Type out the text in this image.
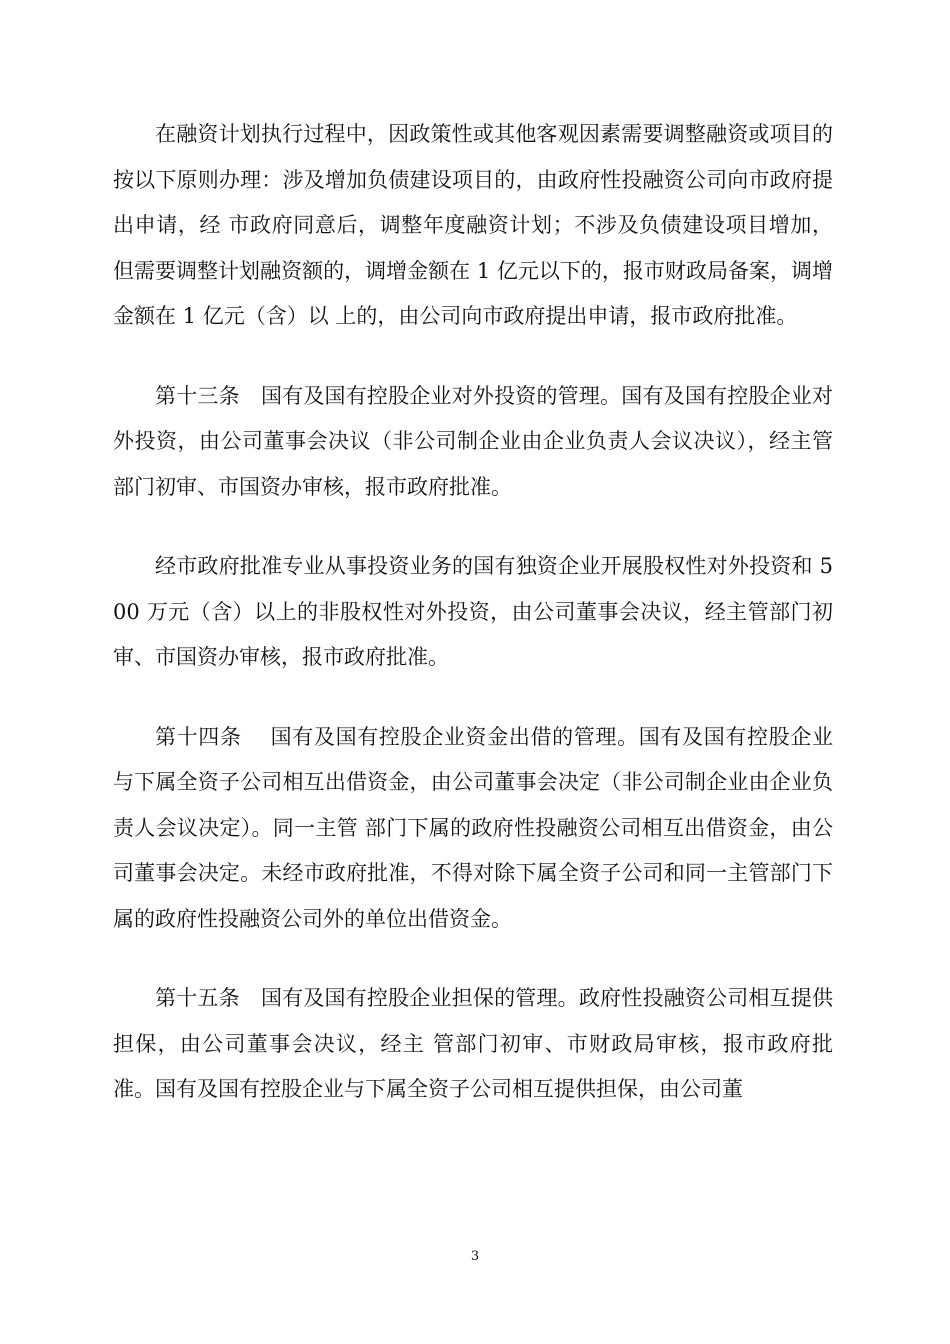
在融资计划执行过程中，因政策性或其他客观因素需要调整融资或项目的按以下原则办理：涉及增加负债建设项目的，由政府性投融资公司向市政府提出申请，经 市政府同意后，调整年度融资计划；不涉及负债建设项目增加，但需要调整计划融资额的，调增金额在 1 亿元以下的，报市财政局备案，调增金额在 1 亿元（含）以 上的，由公司向市政府提出申请，报市政府批准。

第十三条　国有及国有控股企业对外投资的管理。国有及国有控股企业对外投资，由公司董事会决议（非公司制企业由企业负责人会议决议），经主管部门初审、市国资办审核，报市政府批准。

经市政府批准专业从事投资业务的国有独资企业开展股权性对外投资和 500 万元（含）以上的非股权性对外投资，由公司董事会决议，经主管部门初审、市国资办审核，报市政府批准。

第十四条　 国有及国有控股企业资金出借的管理。国有及国有控股企业与下属全资子公司相互出借资金，由公司董事会决定（非公司制企业由企业负责人会议决定）。同一主管 部门下属的政府性投融资公司相互出借资金，由公司董事会决定。未经市政府批准，不得对除下属全资子公司和同一主管部门下属的政府性投融资公司外的单位出借资金。

第十五条　国有及国有控股企业担保的管理。政府性投融资公司相互提供担保，由公司董事会决议，经主 管部门初审、市财政局审核，报市政府批准。国有及国有控股企业与下属全资子公司相互提供担保，由公司董

3
